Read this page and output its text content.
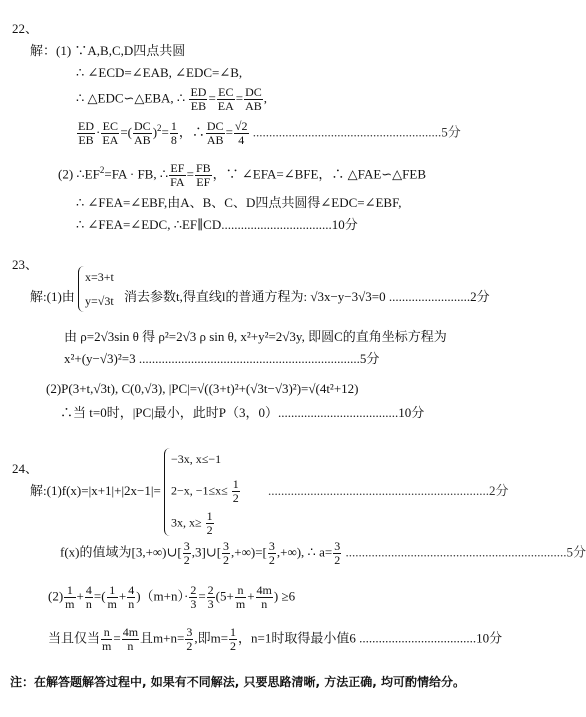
22、
解：(1) ∵A,B,C,D四点共圆
∴ ∠ECD=∠EAB, ∠EDC=∠B,
∴ △EDC∽△EBA, ∴ $\frac{ED}{EB} = \frac{EC}{EA} = \frac{DC}{AB}$ ,
$\frac{ED}{EB} \cdot \frac{EC}{EA}$ =( $\frac{DC}{AB} )^2= \frac{1}{8}$ ，∴ $\frac{DC}{AB} = \frac{√2}{4} ..........................................................5$分
(2) $\therefore EF^2=FA$ · FB, ∴ $\frac{EF}{FA} = \frac{FB}{EF}$ ，∵ ∠EFA=∠BFE，∴ △FAE∽△FEB
∴ ∠FEA=∠EBF,由A、B、C、D四点共圆得∠EDC=∠EBF,
∴ ∠FEA=∠EDC, ∴EF∥CD..................................10分
23、
解:(1)由
x=3+t
y=√3t 消去参数t,得直线l的普通方程为: √3x−y−3√3=0 .........................2分
由 ρ=2√3sin θ 得 ρ²=2√3 ρ sin θ, x²+y²=2√3y, 即圆C的直角坐标方程为
x²+(y−√3)²=3 ....................................................................5分
(2)P(3+t,√3t), C(0,√3), |PC|=√((3+t)²+(√3t−√3)²)=√(4t²+12)
∴当 t=0时，|PC|最小，此时P（3，0）.....................................10分
24、
解:(1)f(x)=|x+1|+|2x−1|=
−3x, x≤−1
2−x, $-1\le x\le \frac{1}{2}$
3x, $x\ge \frac{1}{2}$
....................................................................2分
f(x)的值域为[3,+∞)∪[ $\frac{3}{2}$ ,3]∪[ $\frac{3}{2}$ ,+∞)=[ $\frac{3}{2}$ ,+∞), ∴ $a= \frac{3}{2} ....................................................................5$分
$(2) \frac{1}{m} + \frac{4}{n}$ =( $\frac{1}{m} + \frac{4}{n} )(m+n)\cdot \frac{2}{3} = \frac{2}{3} (5+ \frac{n}{m} + \frac{4m}{n}$ ) ≥6
当且仅当 $\frac{n}{m} = \frac{4m}{n}$ 且$m+n= \frac{3}{2}$ ,即$m= \frac{1}{2}$ ，n=1时取得最小值6 ....................................10分
注：在解答题解答过程中, 如果有不同解法, 只要思路清晰, 方法正确, 均可酌情给分。
